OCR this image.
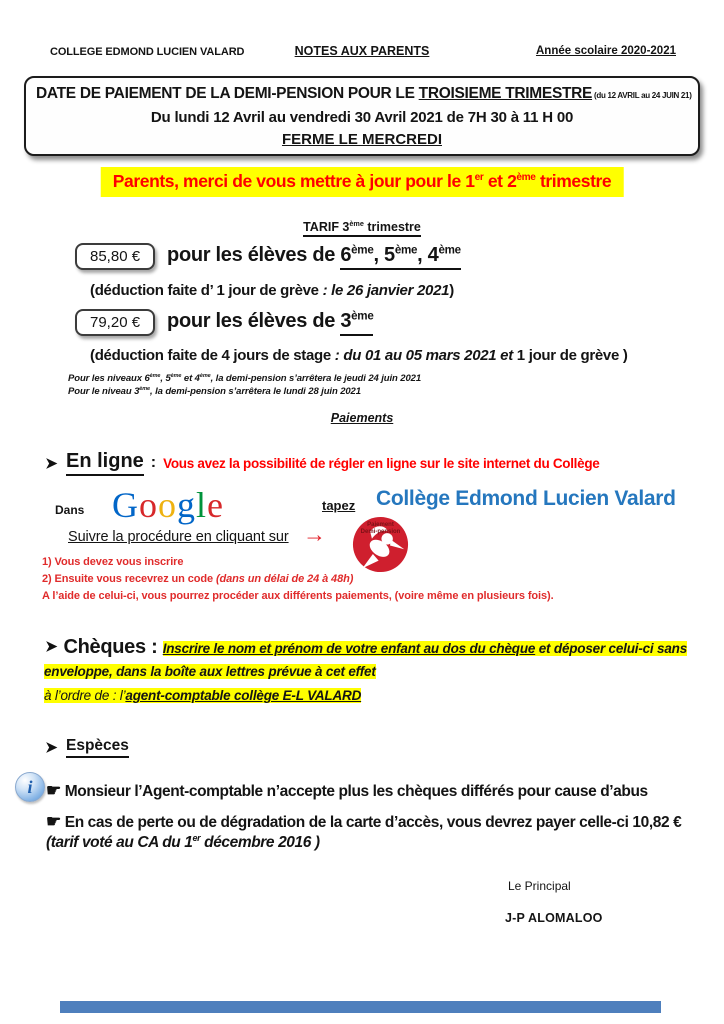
COLLEGE EDMOND LUCIEN VALARD	NOTES AUX PARENTS	Année scolaire 2020-2021
DATE DE PAIEMENT DE LA DEMI-PENSION POUR LE TROISIEME TRIMESTRE (du 12 AVRIL au 24 JUIN 21)
Du lundi 12 Avril au vendredi 30 Avril 2021 de 7H 30 à 11 H 00
FERME LE MERCREDI
Parents, merci de vous mettre à jour pour le 1er et 2ème trimestre
TARIF 3ème trimestre
85,80 €	pour les élèves de 6ème, 5ème, 4ème
(déduction faite d’ 1 jour de grève : le 26 janvier 2021)
79,20 €	pour les élèves de 3ème
(déduction faite de 4 jours de stage : du 01 au 05 mars 2021 et 1 jour de grève )
Pour les niveaux 6ème, 5ème et 4ème, la demi-pension s’arrêtera le jeudi 24 juin 2021
Pour le niveau 3ème, la demi-pension s’arrêtera le lundi 28 juin 2021
Paiements
En ligne : Vous avez la possibilité de régler en ligne sur le site internet du Collège
Dans Google	tapez Collège Edmond Lucien Valard
Suivre la procédure en cliquant sur →	Paiement
Demi-pension
1) Vous devez vous inscrire
2) Ensuite vous recevrez un code (dans un délai de 24 à 48h)
A l’aide de celui-ci, vous pourrez procéder aux différents paiements, (voire même en plusieurs fois).
Chèques : Inscrire le nom et prénom de votre enfant au dos du chèque et déposer celui-ci sans enveloppe, dans la boîte aux lettres prévue à cet effet
à l’ordre de : l’agent-comptable collège E-L VALARD
Espèces
i ☛ Monsieur l’Agent-comptable n’accepte plus les chèques différés pour cause d’abus
☛ En cas de perte ou de dégradation de la carte d’accès, vous devrez payer celle-ci 10,82 € (tarif voté au CA du 1er décembre 2016 )
Le Principal
J-P ALOMALOO
